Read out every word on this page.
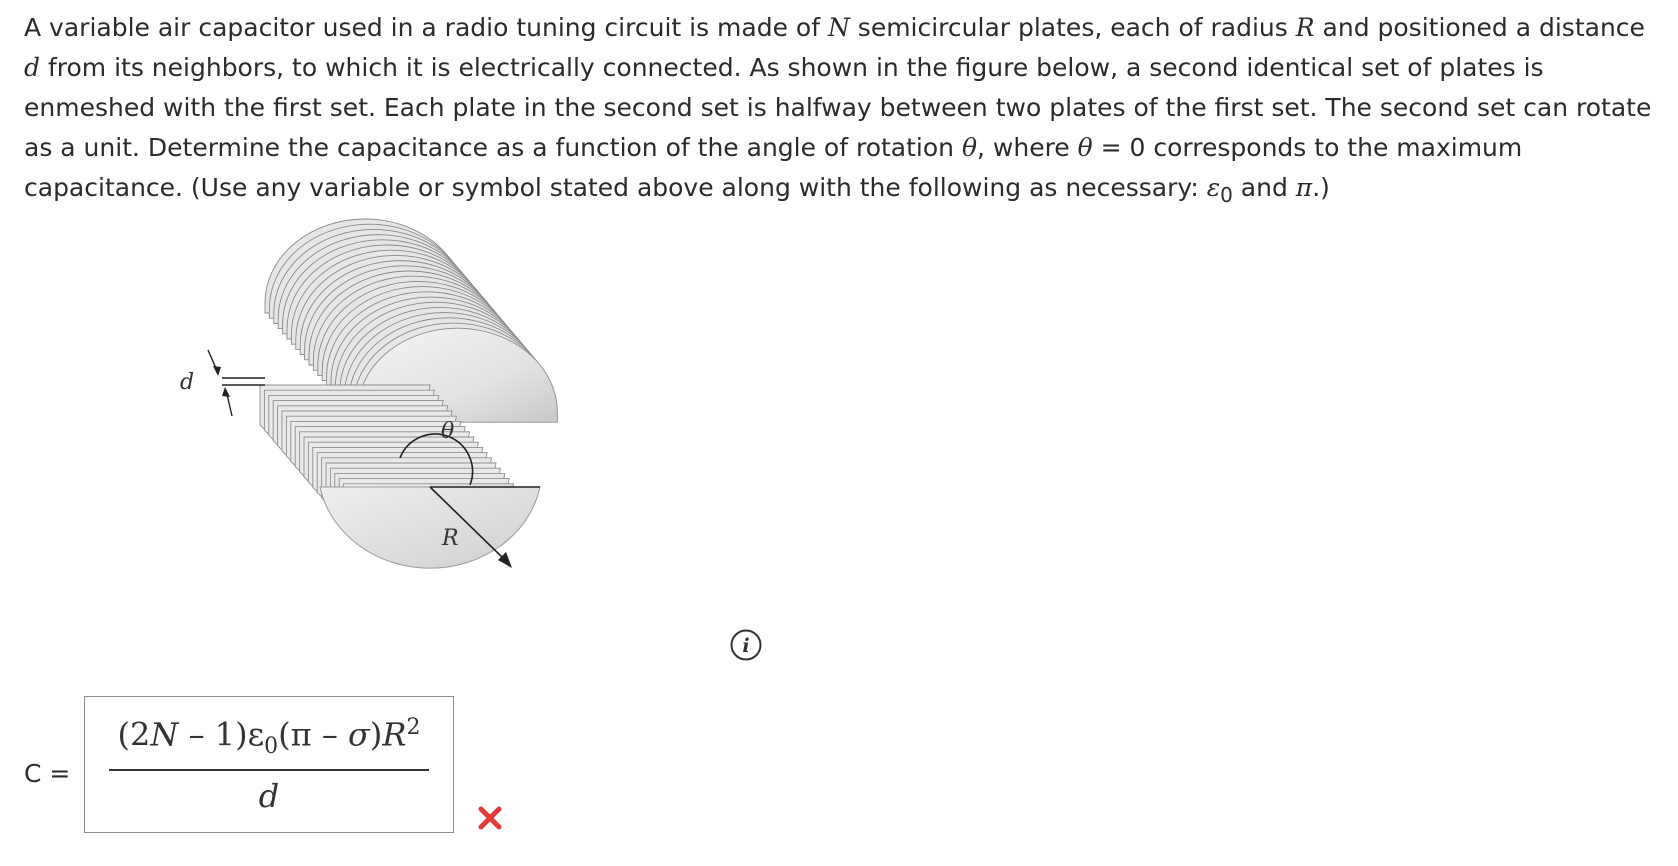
A variable air capacitor used in a radio tuning circuit is made of N semicircular plates, each of radius R and positioned a distance d from its neighbors, to which it is electrically connected. As shown in the figure below, a second identical set of plates is enmeshed with the first set. Each plate in the second set is halfway between two plates of the first set. The second set can rotate as a unit. Determine the capacitance as a function of the angle of rotation θ, where θ = 0 corresponds to the maximum capacitance. (Use any variable or symbol stated above along with the following as necessary: $\varepsilon_0$ and π.)
d
θ
R
i
C =
$(2N - 1)\varepsilon_0(\pi - \sigma)R^2$
d
